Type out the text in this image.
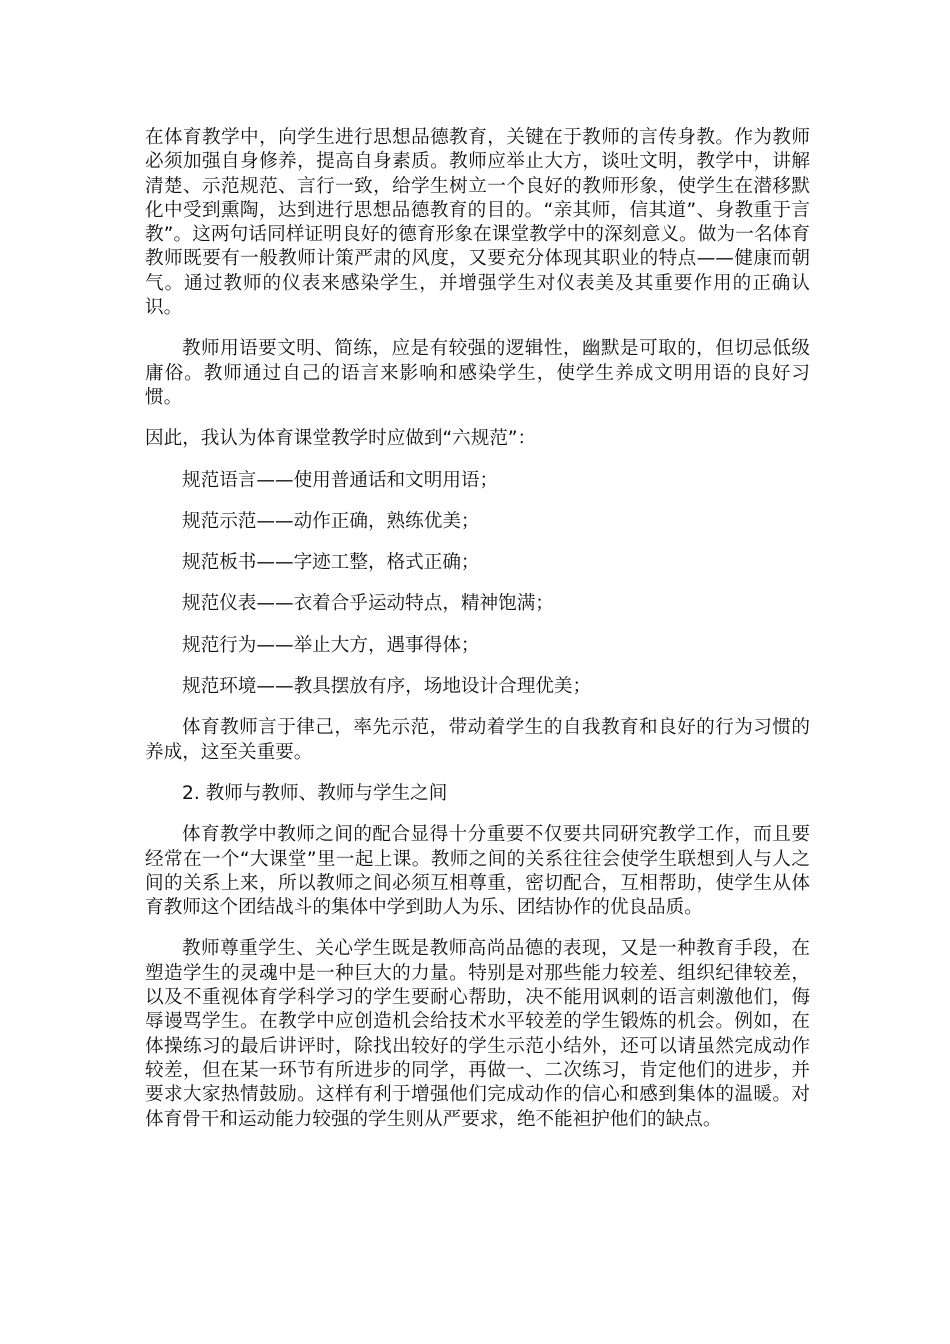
在体育教学中，向学生进行思想品德教育，关键在于教师的言传身教。作为教师必须加强自身修养，提高自身素质。教师应举止大方，谈吐文明，教学中，讲解清楚、示范规范、言行一致，给学生树立一个良好的教师形象，使学生在潜移默化中受到熏陶，达到进行思想品德教育的目的。“亲其师，信其道”、身教重于言教”。这两句话同样证明良好的德育形象在课堂教学中的深刻意义。做为一名体育教师既要有一般教师计策严肃的风度，又要充分体现其职业的特点——健康而朝气。通过教师的仪表来感染学生，并增强学生对仪表美及其重要作用的正确认识。

教师用语要文明、简练，应是有较强的逻辑性，幽默是可取的，但切忌低级庸俗。教师通过自己的语言来影响和感染学生，使学生养成文明用语的良好习惯。

因此，我认为体育课堂教学时应做到“六规范”：

规范语言——使用普通话和文明用语；

规范示范——动作正确，熟练优美；

规范板书——字迹工整，格式正确；

规范仪表——衣着合乎运动特点，精神饱满；

规范行为——举止大方，遇事得体；

规范环境——教具摆放有序，场地设计合理优美；

体育教师言于律己，率先示范，带动着学生的自我教育和良好的行为习惯的养成，这至关重要。

2. 教师与教师、教师与学生之间

体育教学中教师之间的配合显得十分重要不仅要共同研究教学工作，而且要经常在一个“大课堂”里一起上课。教师之间的关系往往会使学生联想到人与人之间的关系上来，所以教师之间必须互相尊重，密切配合，互相帮助，使学生从体育教师这个团结战斗的集体中学到助人为乐、团结协作的优良品质。

教师尊重学生、关心学生既是教师高尚品德的表现，又是一种教育手段，在塑造学生的灵魂中是一种巨大的力量。特别是对那些能力较差、组织纪律较差，以及不重视体育学科学习的学生要耐心帮助，决不能用讽刺的语言刺激他们，侮辱谩骂学生。在教学中应创造机会给技术水平较差的学生锻炼的机会。例如，在体操练习的最后讲评时，除找出较好的学生示范小结外，还可以请虽然完成动作较差，但在某一环节有所进步的同学，再做一、二次练习，肯定他们的进步，并要求大家热情鼓励。这样有利于增强他们完成动作的信心和感到集体的温暖。对体育骨干和运动能力较强的学生则从严要求，绝不能袒护他们的缺点。
